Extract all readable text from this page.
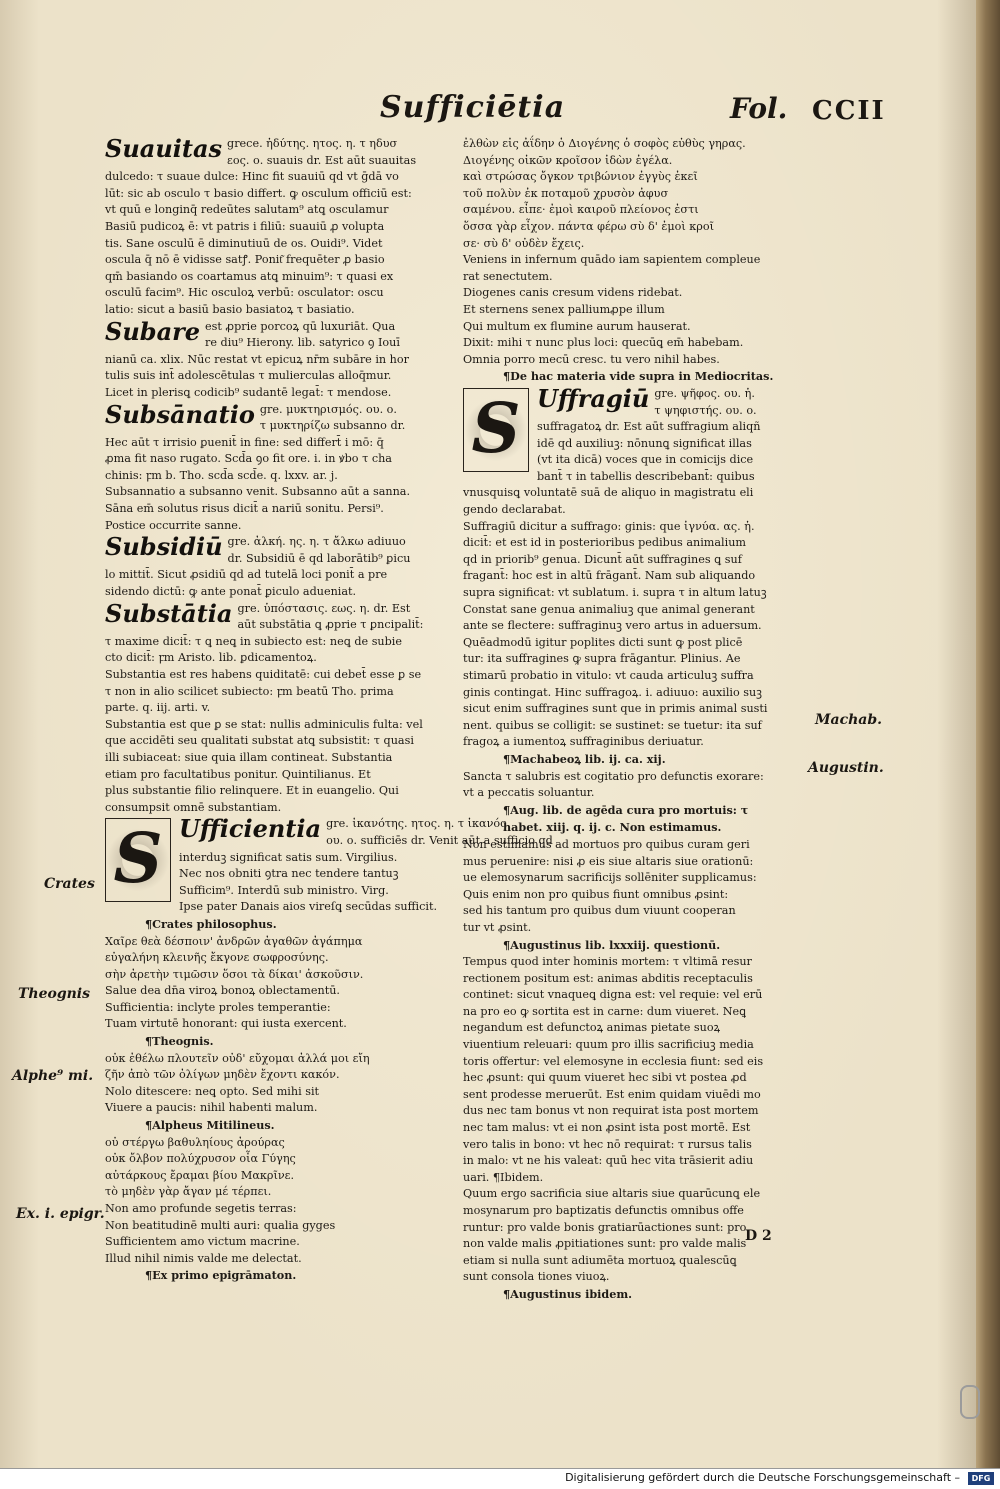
Sufficiētia	Fol. CCII

Suauitas grece. ἡδύτης. ητος. η. τ ηδυσ

εος. ο. suauis dr. Est aūt suauitas

dulcedo: τ suaue dulce: Hinc fit suauiū qd vt ḡdā vo

lūt: sic ab osculo τ basio differt. ꝙ osculum officiū est:

vt quū e longinq̄ redeūtes salutam⁹ atꝗ osculamur

Basiū pudicoꝝ ē: vt patris i filiū: suauiū ꝓ volupta

tis. Sane osculū ē diminutiuū de os. Ouidi⁹. Videt

oscula q̄ nō ē vidisse satꝭ. Ponit͂ frequēter ꝓ basio

qm̄ basiando os coartamus atꝗ minuim⁹: τ quasi ex

osculū facim⁹. Hic osculoꝝ verbū: osculator: oscu

latio: sicut a basiū basio basiatoꝝ τ basiatio.

Subare est ꝓprie porcoꝝ qū luxuriāt. Qua

re diu⁹ Hierony. lib. satyrico ꝯ Iouī

nianū ca. xlix. Nūc restat vt epicuꝝ nr̄m subāre in hor

tulis suis int̄ adolescētulas τ mulierculas alloq̄mur.

Licet in plerisꝗ codicib⁹ sudantē legat̄: τ mendose.

Subsānatio gre. μυκτηρισμός. ου. ο.

τ μυκτηρίζω subsanno dr.

Hec aūt τ irrisio ꝑuenit̄ in fine: sed differt̄ i mō: q̄

ꝓma fit naso rugato. Scd̄a ꝯo fit ore. i. in ꝟbo τ cha

chinis: ꝼm b. Tho. scd̄a scd̄e. q. lxxv. ar. j.

Subsannatio a subsanno venit. Subsanno aūt a sanna.

Sāna em̄ solutus risus dicit̄ a nariū sonitu. Persi⁹.

Postice occurrite sanne.

Subsidiū gre. ἀλκή. ης. η. τ ἄλκω adiuuo

dr. Subsidiū ē qd laborātib⁹ ꝑicu

lo mittit̄. Sicut ꝓsidiū qd ad tutelā loci ponit̄ a pre

sidendo dictū: ꝙ ante ponat̄ ꝑiculo adueniat.

Substātia gre. ὑπόστασις. εως. η. dr. Est

aūt substātia ꝗ ꝓprie τ ꝑncipalit̄:

τ maxime dicit̄: τ ꝗ neꝗ in subiecto est: neꝗ de subie

cto dicit̄: ꝼm Aristo. lib. ꝑdicamentoꝝ.

Substantia est res habens quiditatē: cui debet̄ esse ꝑ se

τ non in alio scilicet subiecto: ꝼm beatū Tho. prima

parte. q. iij. arti. v.

Substantia est que ꝑ se stat: nullis adminiculis fulta: vel

que accidēti seu qualitati substat atꝗ subsistit: τ quasi

illi subiaceat: siue quia illam contineat. Substantia

etiam pro facultatibus ponitur. Quintilianus. Et

plus substantie filio relinquere. Et in euangelio. Qui

consumpsit omnē substantiam.

S Ufficientia gre. ἱκανότης. ητος. η. τ ἱκανός

ου. ο. sufficiēs dr. Venit aūt a sufficio qd

interduꝫ significat satis sum. Virgilius.

Nec nos obniti ꝯtra nec tendere tantuꝫ

Sufficim⁹. Interdū sub ministro. Virg.

Ipse pater Danais aios vireſꝗ secūdas sufficit.

¶Crates philosophus.

Χαῖρε θεὰ δέσποιν' ἀνδρῶν ἀγαθῶν ἀγάπημα

εὐγαλήνη κλεινῆς ἔκγονε σωφροσύνης.

σὴν ἀρετὴν τιμῶσιν ὅσοι τὰ δίκαι' ἀσκοῦσιν.

Salue dea dn̄a viroꝝ bonoꝝ oblectamentū.

Sufficientia: inclyte proles temperantie:

Tuam virtutē honorant: qui iusta exercent.

¶Theognis.

οὐκ ἐθέλω πλουτεῖν οὐδ' εὔχομαι ἀλλά μοι εἴη

ζῆν ἀπὸ τῶν ὀλίγων μηδὲν ἔχοντι κακόν.

Nolo ditescere: neꝗ opto. Sed mihi sit

Viuere a paucis: nihil habenti malum.

¶Alpheus Mitilineus.

οὐ στέργω βαθυληίους ἀρούρας

οὐκ ὄλβον πολύχρυσον οἷα Γύγης

αὐτάρκους ἔραμαι βίου Μακρῖνε.

τὸ μηδὲν γὰρ ἄγαν μέ τέρπει.

Non amo profunde segetis terras:

Non beatitudinē multi auri: qualia gyges

Sufficientem amo victum macrine.

Illud nihil nimis valde me delectat.

¶Ex primo epigrāmaton.

ἐλθὼν εἰς ἀΐδην ὁ Διογένης ὁ σοφὸς εὐθὺς γηρας.

Διογένης οἰκῶν κροῖσον ἰδὼν ἐγέλα.

καὶ στρώσας ὄγκον τριβώνιον ἐγγὺς ἐκεῖ

τοῦ πολὺν ἐκ ποταμοῦ χρυσὸν ἀφυσ

σαμένου. εἶπε· ἐμοὶ καιροῦ πλείονος ἐστι

ὅσσα γὰρ εἶχον. πάντα φέρω σὺ δ' ἐμοὶ κροῖ

σε· σὺ δ' οὐδὲν ἔχεις.

Veniens in infernum quādo iam sapientem compleue

rat senectutem.

Diogenes canis cresum videns ridebat.

Et sternens senex palliumꝓpe illum

Qui multum ex flumine aurum hauserat.

Dixit: mihi τ nunc plus loci: quecūꝗ em̄ habebam.

Omnia porro mecū cresc. tu vero nihil habes.

¶De hac materia vide supra in Mediocritas.

S Uffragiū gre. ψῆφος. ου. ἡ.

τ ψηφιστής. ου. ο.

suffragatoꝝ dr. Est aūt suffragium aliqñ

idē qd auxiliuꝫ: nōnunꝗ significat illas

(vt ita dicā) voces que in comicijs dice

bant̄ τ in tabellis describebant̄: quibus

vnusquisꝗ voluntatē suā de aliquo in magistratu eli

gendo declarabat.

Suffragiū dicitur a suffrago: ginis: que ἰγνύα. ας. ἡ.

dicit̄: et est id in posterioribus pedibus animalium

qd in priorib⁹ genua. Dicunt̄ aūt suffragines ꝗ suf

fragant̄: hoc est in altū frāgant̄. Nam sub aliquando

supra significat: vt sublatum. i. supra τ in altum latuꝫ

Constat sane genua animaliuꝫ que animal generant

ante se flectere: suffraginuꝫ vero artus in aduersum.

Quēadmodū igitur poplites dicti sunt ꝙ post plicē

tur: ita suffragines ꝙ supra frāgantur. Plinius. Ae

stimarū probatio in vitulo: vt cauda articuluꝫ suffra

ginis contingat. Hinc suffragoꝝ. i. adiuuo: auxilio suꝫ

sicut enim suffragines sunt que in primis animal susti

nent. quibus se colligit: se sustinet: se tuetur: ita suf

fragoꝝ a iumentoꝝ suffraginibus deriuatur.

¶Machabeoꝝ lib. ij. ca. xij.

Sancta τ salubris est cogitatio pro defunctis exorare:

vt a peccatis soluantur.

¶Aug. lib. de agēda cura pro mortuis: τ

habet. xiij. q. ij. c. Non estimamus.

Non estimamus ad mortuos pro quibus curam geri

mus peruenire: nisi ꝓ eis siue altaris siue orationū:

ue elemosynarum sacrificijs sollēniter supplicamus:

Quis enim non pro quibus fiunt omnibus ꝓsint:

sed his tantum pro quibus dum viuunt cooperan

tur vt ꝓsint.

¶Augustinus lib. lxxxiij. questionū.

Tempus quod inter hominis mortem: τ vltimā resur

rectionem positum est: animas abditis receptaculis

continet: sicut vnaqueꝗ digna est: vel requie: vel erū

na pro eo ꝙ sortita est in carne: dum viueret. Neꝗ

negandum est defunctoꝝ animas pietate suoꝝ

viuentium releuari: quum pro illis sacrificiuꝫ media

toris offertur: vel elemosyne in ecclesia fiunt: sed eis

hec ꝓsunt: qui quum viueret hec sibi vt postea ꝓd

sent prodesse meruerūt. Est enim quidam viuēdi mo

dus nec tam bonus vt non requirat ista post mortem

nec tam malus: vt ei non ꝓsint ista post mortē. Est

vero talis in bono: vt hec nō requirat: τ rursus talis

in malo: vt ne his valeat: quū hec vita trāsierit adiu

uari. ¶Ibidem.

Quum ergo sacrificia siue altaris siue quarūcunꝗ ele

mosynarum pro baptizatis defunctis omnibus offe

runtur: pro valde bonis gratiarūactiones sunt: pro

non valde malis ꝓpitiationes sunt: pro valde malis

etiam si nulla sunt adiumēta mortuoꝝ qualescūꝗ

sunt consola tiones viuoꝝ.

¶Augustinus ibidem.

Crates
Theognis
Alphe⁹ mi.
Ex. i. epigr.
Machab.
Augustin.
D 2
Digitalisierung gefördert durch die Deutsche Forschungsgemeinschaft –	DFG
